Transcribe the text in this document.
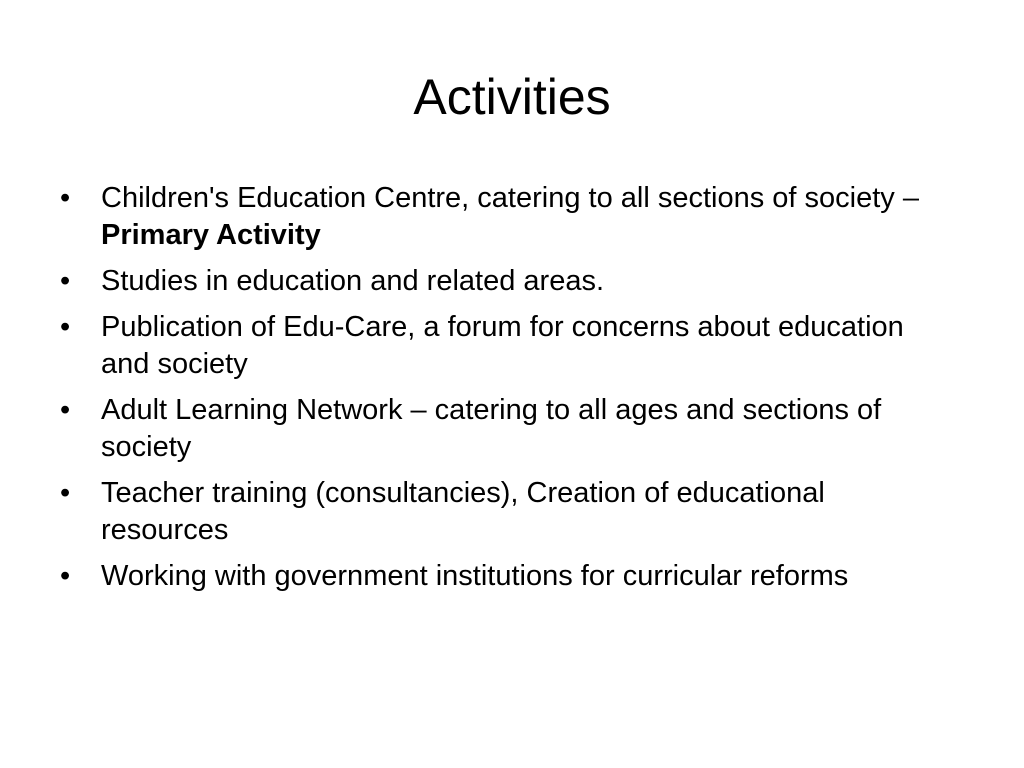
Activities
•	Children's Education Centre, catering to all sections of society – Primary Activity
•	Studies in education and related areas.
•	Publication of Edu-Care, a forum for concerns about education and society
•	Adult Learning Network – catering to all ages and sections of society
•	Teacher training (consultancies), Creation of educational resources
•	Working with government institutions for curricular reforms
